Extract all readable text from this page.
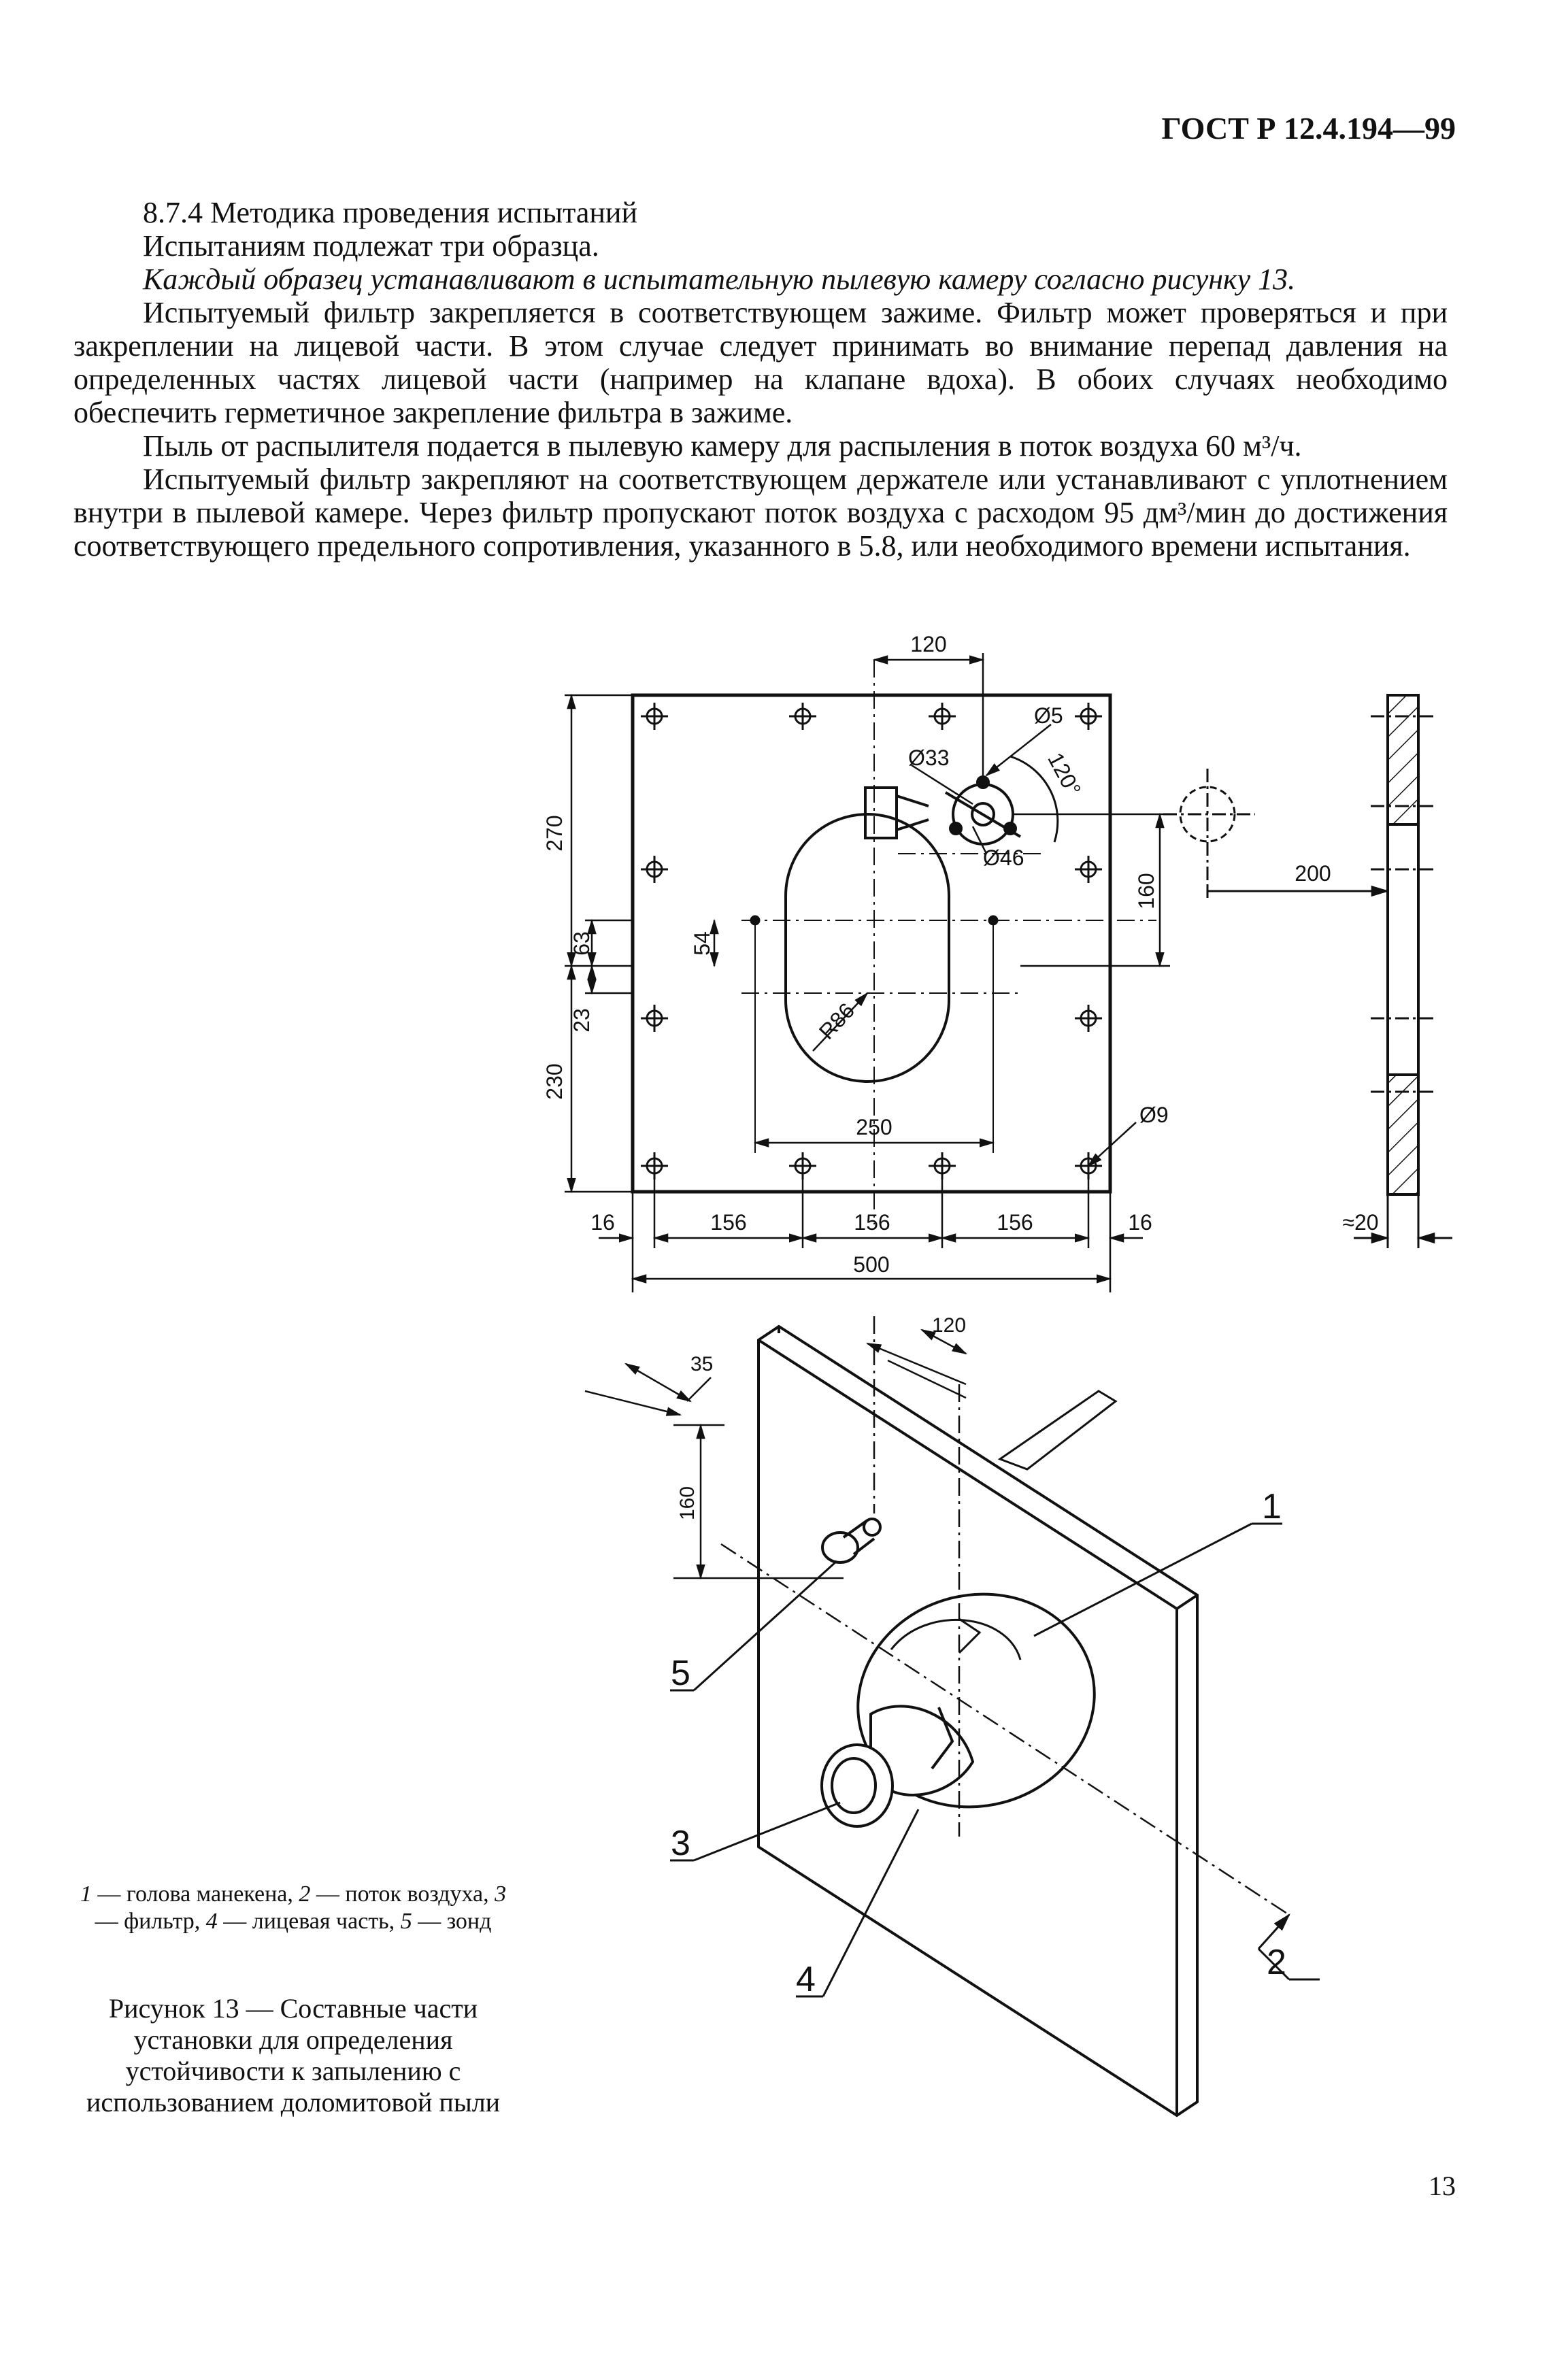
ГОСТ Р 12.4.194—99

8.7.4 Методика проведения испытаний

Испытаниям подлежат три образца.

Каждый образец устанавливают в испытательную пылевую камеру согласно рисунку 13.

Испытуемый фильтр закрепляется в соответствующем зажиме. Фильтр может проверяться и при закреплении на лицевой части. В этом случае следует принимать во внимание перепад давления на определенных частях лицевой части (например на клапане вдоха). В обоих случаях необходимо обеспечить герметичное закрепление фильтра в зажиме.

Пыль от распылителя подается в пылевую камеру для распыления в поток воздуха 60 м³/ч.

Испытуемый фильтр закрепляют на соответствующем держателе или устанавливают с уплотнением внутри в пылевой камере. Через фильтр пропускают поток воздуха с расходом 95 дм³/мин до достижения соответствующего предельного сопротивления, указанного в 5.8, или необходимого времени испытания.

120
Ø5
Ø33	120°
Ø46
270
63	54
23
230
160
R86
250	Ø9
16	156	156	156	16
500
200
≈20
35
120
160	1
2
3
4
5
1 — голова манекена, 2 — поток воздуха, 3 — фильтр, 4 — лицевая часть, 5 — зонд
Рисунок 13 — Составные части установки для определения устойчивости к запылению с использованием доломитовой пыли
13
